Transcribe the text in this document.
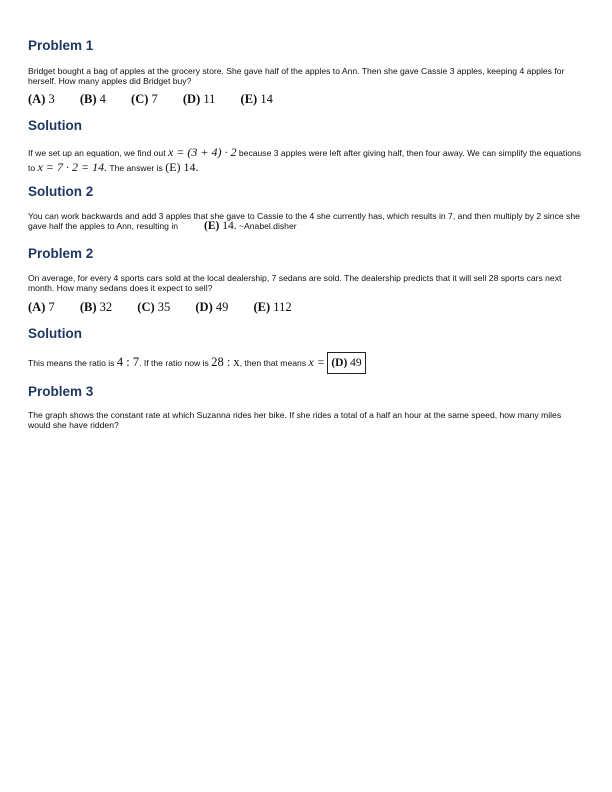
Problem 1

Bridget bought a bag of apples at the grocery store. She gave half of the apples to Ann. Then she gave Cassie 3 apples, keeping 4 apples for herself. How many apples did Bridget buy?

(A) 3 (B) 4 (C) 7 (D) 11 (E) 14
Solution

If we set up an equation, we find out x = (3 + 4) · 2 because 3 apples were left after giving half, then four away. We can simplify the equations to x = 7 · 2 = 14. The answer is (E) 14.

Solution 2

You can work backwards and add 3 apples that she gave to Cassie to the 4 she currently has, which results in 7, and then multiply by 2 since she gave half the apples to Ann, resulting in (E) 14. ~Anabel.disher

Problem 2

On average, for every 4 sports cars sold at the local dealership, 7 sedans are sold. The dealership predicts that it will sell 28 sports cars next month. How many sedans does it expect to sell?

(A) 7 (B) 32 (C) 35 (D) 49 (E) 112
Solution

This means the ratio is 4 : 7. If the ratio now is 28 : x, then that means x = (D) 49

Problem 3

The graph shows the constant rate at which Suzanna rides her bike. If she rides a total of a half an hour at the same speed, how many miles would she have ridden?
